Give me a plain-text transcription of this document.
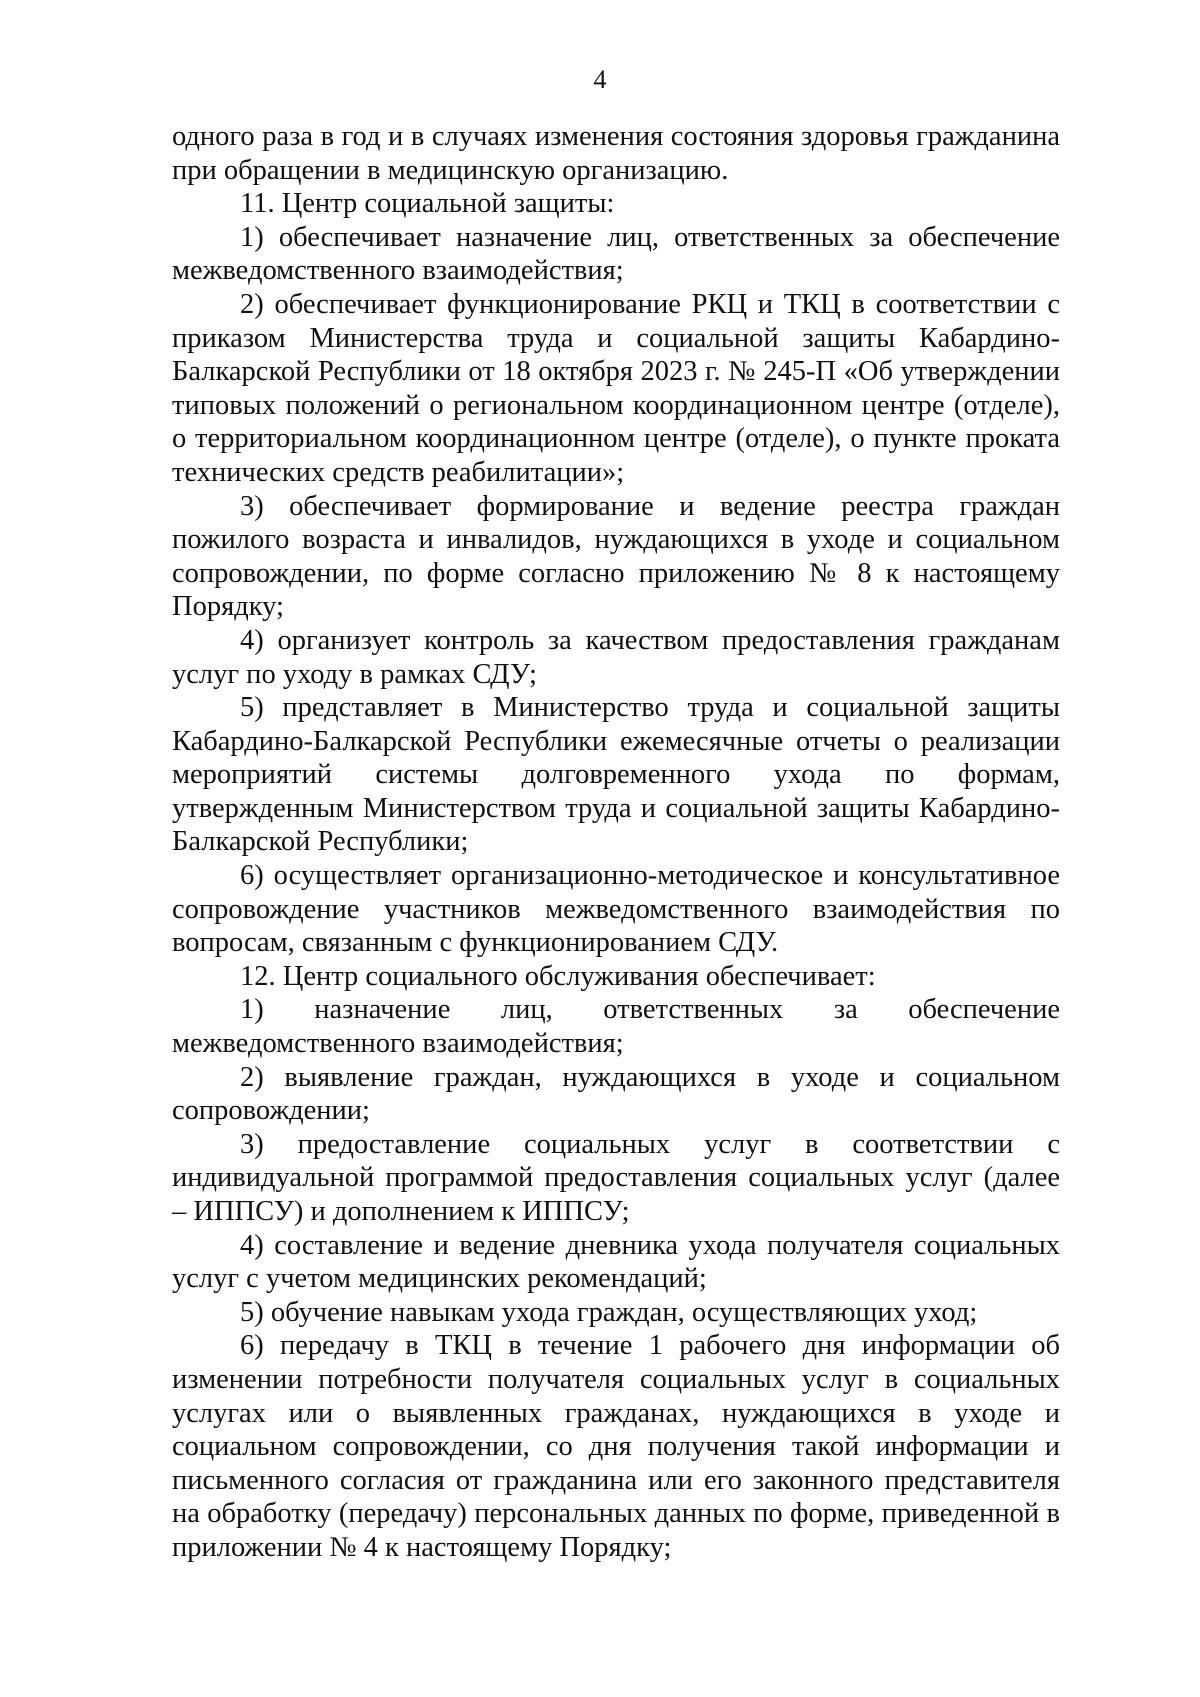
4

одного раза в год и в случаях изменения состояния здоровья гражданина при обращении в медицинскую организацию.

11. Центр социальной защиты:

1) обеспечивает назначение лиц, ответственных за обеспечение межведомственного взаимодействия;

2) обеспечивает функционирование РКЦ и ТКЦ в соответствии с приказом Министерства труда и социальной защиты Кабардино-Балкарской Республики от 18 октября 2023 г. № 245-П «Об утверждении типовых положений о региональном координационном центре (отделе), о территориальном координационном центре (отделе), о пункте проката технических средств реабилитации»;

3) обеспечивает формирование и ведение реестра граждан пожилого возраста и инвалидов, нуждающихся в уходе и социальном сопровождении, по форме согласно приложению № 8 к настоящему Порядку;

4) организует контроль за качеством предоставления гражданам услуг по уходу в рамках СДУ;

5) представляет в Министерство труда и социальной защиты Кабардино-Балкарской Республики ежемесячные отчеты о реализации мероприятий системы долговременного ухода по формам, утвержденным Министерством труда и социальной защиты Кабардино-Балкарской Республики;

6) осуществляет организационно-методическое и консультативное сопровождение участников межведомственного взаимодействия по вопросам, связанным с функционированием СДУ.

12. Центр социального обслуживания обеспечивает:

1) назначение лиц, ответственных за обеспечение межведомственного взаимодействия;

2) выявление граждан, нуждающихся в уходе и социальном сопровождении;

3) предоставление социальных услуг в соответствии с индивидуальной программой предоставления социальных услуг (далее – ИППСУ) и дополнением к ИППСУ;

4) составление и ведение дневника ухода получателя социальных услуг с учетом медицинских рекомендаций;

5) обучение навыкам ухода граждан, осуществляющих уход;

6) передачу в ТКЦ в течение 1 рабочего дня информации об изменении потребности получателя социальных услуг в социальных услугах или о выявленных гражданах, нуждающихся в уходе и социальном сопровождении, со дня получения такой информации и письменного согласия от гражданина или его законного представителя на обработку (передачу) персональных данных по форме, приведенной в приложении № 4 к настоящему Порядку;
